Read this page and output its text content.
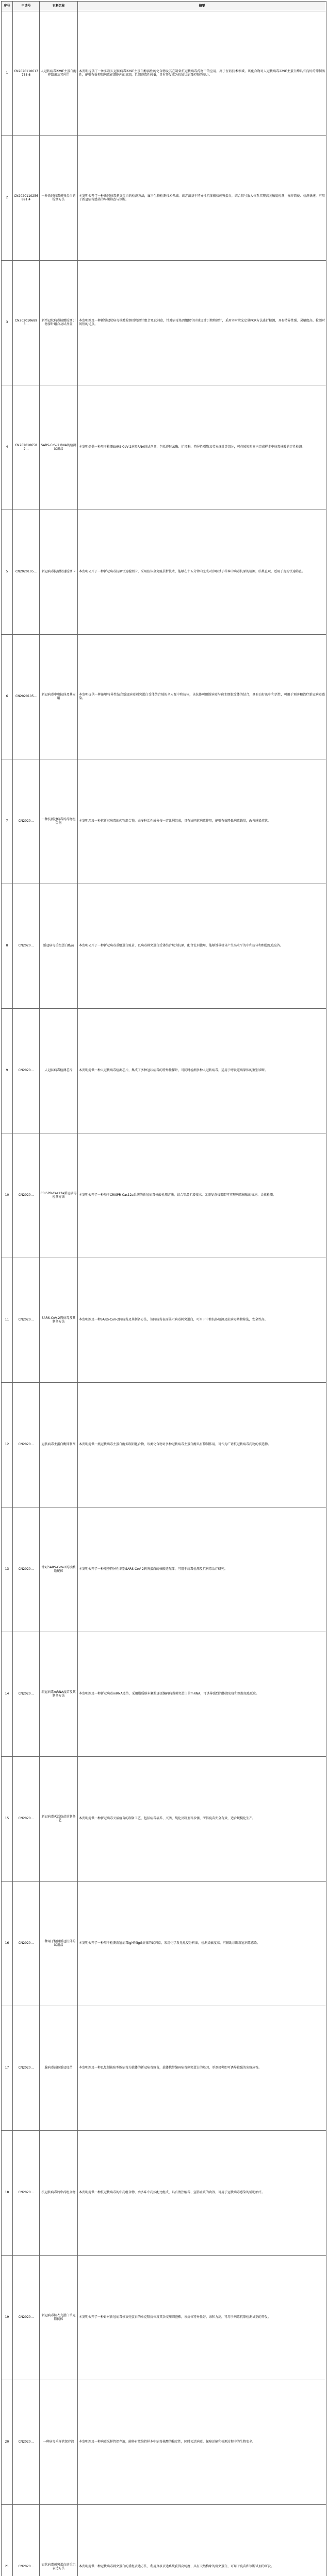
序号	申请号	专利名称	摘要
1	CN2020110617733.6	人冠状病毒229E主蛋白酶抑制剂及其应用	本发明提供了一种抑制人冠状病毒229E主蛋白酶活性的化合物及其在制备抗冠状病毒药物中的应用，属于医药技术领域。该化合物对人冠状病毒229E主蛋白酶具有良好的抑制活性，能够有效抑制病毒在细胞内的复制，且细胞毒性较低，具有开发成为抗冠状病毒药物的潜力。
2	CN2020110256891.4	一种新冠病毒刺突蛋白的检测方法	本发明公开了一种新冠病毒刺突蛋白的检测方法，属于生物检测技术领域。该方法基于特异性抗体捕获刺突蛋白，结合信号放大体系实现高灵敏度检测，操作简便、检测快速，可用于新冠病毒感染的早期筛查与诊断。
3	CN2020106893...	新型冠状病毒核酸检测引物探针组合及试剂盒	本发明涉及一种新型冠状病毒核酸检测引物探针组合及试剂盒，针对病毒基因组保守区域设计引物和探针，采用实时荧光定量PCR方法进行检测，具有特异性强、灵敏度高、检测时间短的优点。
4	CN2020106582...	SARS-CoV-2 RNA的检测试剂盒	本发明提供一种用于检测SARS-CoV-2病毒RNA的试剂盒，包括逆转录酶、扩增酶、特异性引物及荧光探针等组分，可在较短时间内完成样本中病毒核酸的定性检测。
5	CN2020105...	新冠病毒抗原快速检测卡	本发明公开了一种新冠病毒抗原快速检测卡，采用胶体金免疫层析技术，能够在十五分钟内完成对鼻咽拭子样本中病毒抗原的检测，结果直观，适用于现场快速筛查。
6	CN2020105...	新冠病毒中和抗体及其应用	本发明提供一种能够特异性结合新冠病毒刺突蛋白受体结合域的全人源中和抗体，该抗体可阻断病毒与宿主细胞受体的结合，具有良好的中和活性，可用于预防和治疗新冠病毒感染。
7	CN2020...	一种抗新冠病毒的药物组合物	本发明涉及一种抗新冠病毒的药物组合物，由多种活性成分按一定比例组成，具有协同抗病毒作用，能够有效降低病毒载量，改善感染症状。
8	CN2020...	新冠病毒重组蛋白疫苗	本发明公开了一种新冠病毒重组蛋白疫苗，以病毒刺突蛋白受体结合域为抗原，配合佐剂使用，能够诱导机体产生高水平的中和抗体和细胞免疫应答。
9	CN2020...	人冠状病毒检测芯片	本发明提供一种人冠状病毒检测芯片，集成了多种冠状病毒的特异性探针，可同时检测多种人冠状病毒，适用于呼吸道病原体的鉴别诊断。
10	CN2020...	CRISPR-Cas12a新冠病毒检测方法	本发明公开了一种基于CRISPR-Cas12a系统的新冠病毒核酸检测方法，结合等温扩增技术，无需复杂仪器即可实现病毒核酸的快速、灵敏检测。
11	CN2020...	SARS-CoV-2假病毒及其制备方法	本发明涉及一种SARS-CoV-2假病毒及其制备方法，该假病毒表面展示病毒刺突蛋白，可用于中和抗体检测及抗病毒药物筛选，安全性高。
12	CN2020...	冠状病毒主蛋白酶抑制剂	本发明提供一类冠状病毒主蛋白酶抑制剂化合物，该类化合物对多种冠状病毒主蛋白酶具有抑制作用，可作为广谱抗冠状病毒药物的候选物。
13	CN2020...	针对SARS-CoV-2的核酸适配体	本发明公开了一种能够特异性识别SARS-CoV-2刺突蛋白的核酸适配体，可用于病毒检测及抗病毒治疗研究。
14	CN2020...	新冠病毒mRNA疫苗及其制备方法	本发明涉及一种新冠病毒mRNA疫苗，采用脂质纳米颗粒递送编码病毒刺突蛋白的mRNA，可诱导强烈的体液免疫和细胞免疫反应。
15	CN2020...	新冠病毒灭活疫苗的制备工艺	本发明提供一种新冠病毒灭活疫苗的制备工艺，包括病毒培养、灭活、纯化及制剂等步骤，所得疫苗安全有效，适合规模化生产。
16	CN2020...	一种用于检测新冠抗体的试剂盒	本发明公开了一种用于检测新冠病毒IgM和IgG抗体的试剂盒，采用化学发光免疫分析法，检测灵敏度高，可辅助诊断新冠病毒感染。
17	CN2020...	腺病毒载体新冠疫苗	本发明涉及一种以复制缺陷型腺病毒为载体的新冠病毒疫苗，载体携带编码病毒刺突蛋白的基因，单剂接种即可诱导较强的免疫应答。
18	CN2020...	抗冠状病毒的中药组合物	本发明提供一种抗冠状病毒的中药组合物，由多味中药按配比组成，具有清热解毒、宣肺止咳的功效，可用于冠状病毒感染的辅助治疗。
19	CN2020...	新冠病毒核衣壳蛋白单克隆抗体	本发明公开了一种针对新冠病毒核衣壳蛋白的单克隆抗体及其杂交瘤细胞株，该抗体特异性好、亲和力高，可用于病毒抗原检测试剂的开发。
20	CN2020...	一种病毒采样管保存液	本发明涉及一种病毒采样管保存液，能够有效维持样本中病毒核酸的稳定性，同时灭活病毒，保障运输和检测过程中的生物安全。
21	CN2020...	冠状病毒刺突蛋白的重组表达方法	本发明提供一种冠状病毒刺突蛋白的重组表达方法，利用真核表达系统获得高纯度、具有天然构象的刺突蛋白，可用于疫苗和诊断试剂的研发。
